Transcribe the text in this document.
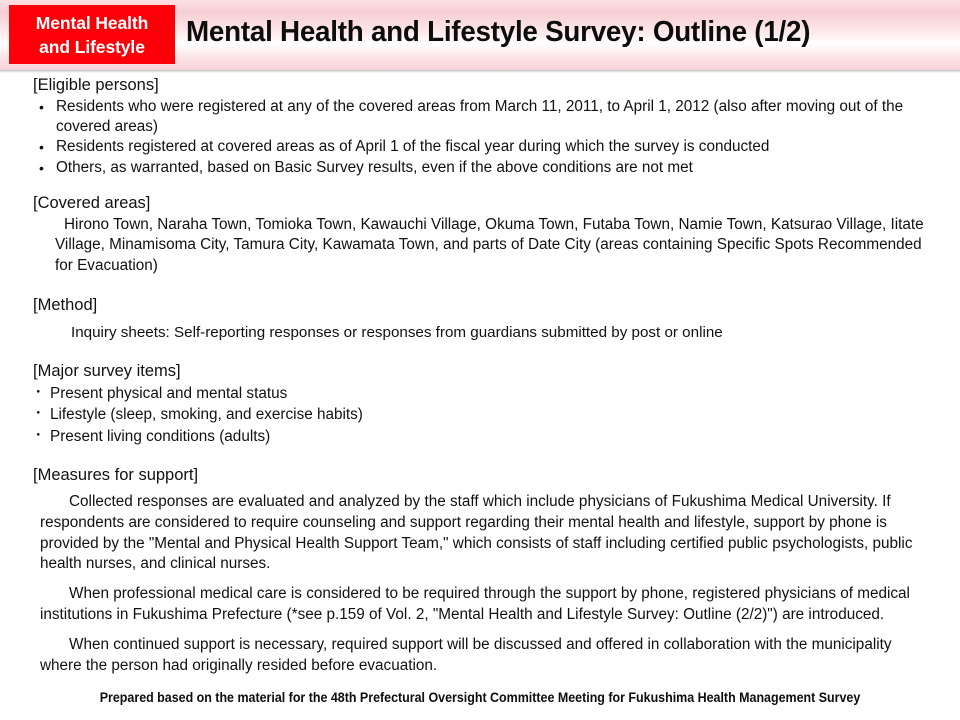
Mental Health
and Lifestyle Mental Health and Lifestyle Survey: Outline (1/2)

[Eligible persons]

• Residents who were registered at any of the covered areas from March 11, 2011, to April 1, 2012 (also after moving out of the covered areas)
• Residents registered at covered areas as of April 1 of the fiscal year during which the survey is conducted
• Others, as warranted, based on Basic Survey results, even if the above conditions are not met

[Covered areas]

Hirono Town, Naraha Town, Tomioka Town, Kawauchi Village, Okuma Town, Futaba Town, Namie Town, Katsurao Village, Iitate Village, Minamisoma City, Tamura City, Kawamata Town, and parts of Date City (areas containing Specific Spots Recommended for Evacuation)

[Method]

Inquiry sheets: Self-reporting responses or responses from guardians submitted by post or online

[Major survey items]

・ Present physical and mental status
・ Lifestyle (sleep, smoking, and exercise habits)
・ Present living conditions (adults)

[Measures for support]

Collected responses are evaluated and analyzed by the staff which include physicians of Fukushima Medical University. If respondents are considered to require counseling and support regarding their mental health and lifestyle, support by phone is provided by the "Mental and Physical Health Support Team," which consists of staff including certified public psychologists, public health nurses, and clinical nurses.

When professional medical care is considered to be required through the support by phone, registered physicians of medical institutions in Fukushima Prefecture (*see p.159 of Vol. 2, "Mental Health and Lifestyle Survey: Outline (2/2)") are introduced.

When continued support is necessary, required support will be discussed and offered in collaboration with the municipality where the person had originally resided before evacuation.

Prepared based on the material for the 48th Prefectural Oversight Committee Meeting for Fukushima Health Management Survey
